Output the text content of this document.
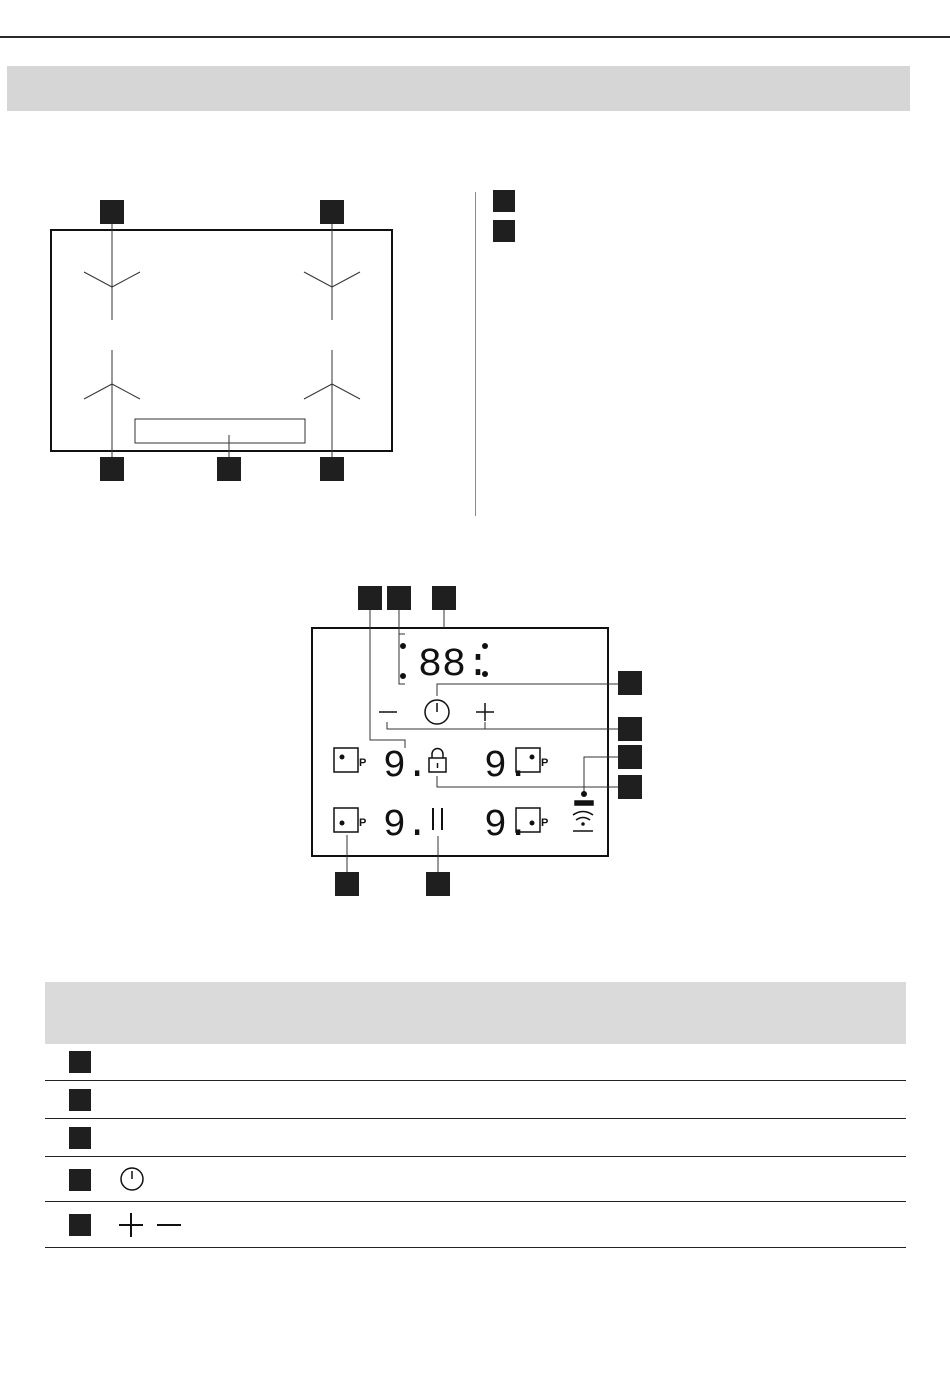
88:
P	P
P	P
9. 9.
9. 9.
